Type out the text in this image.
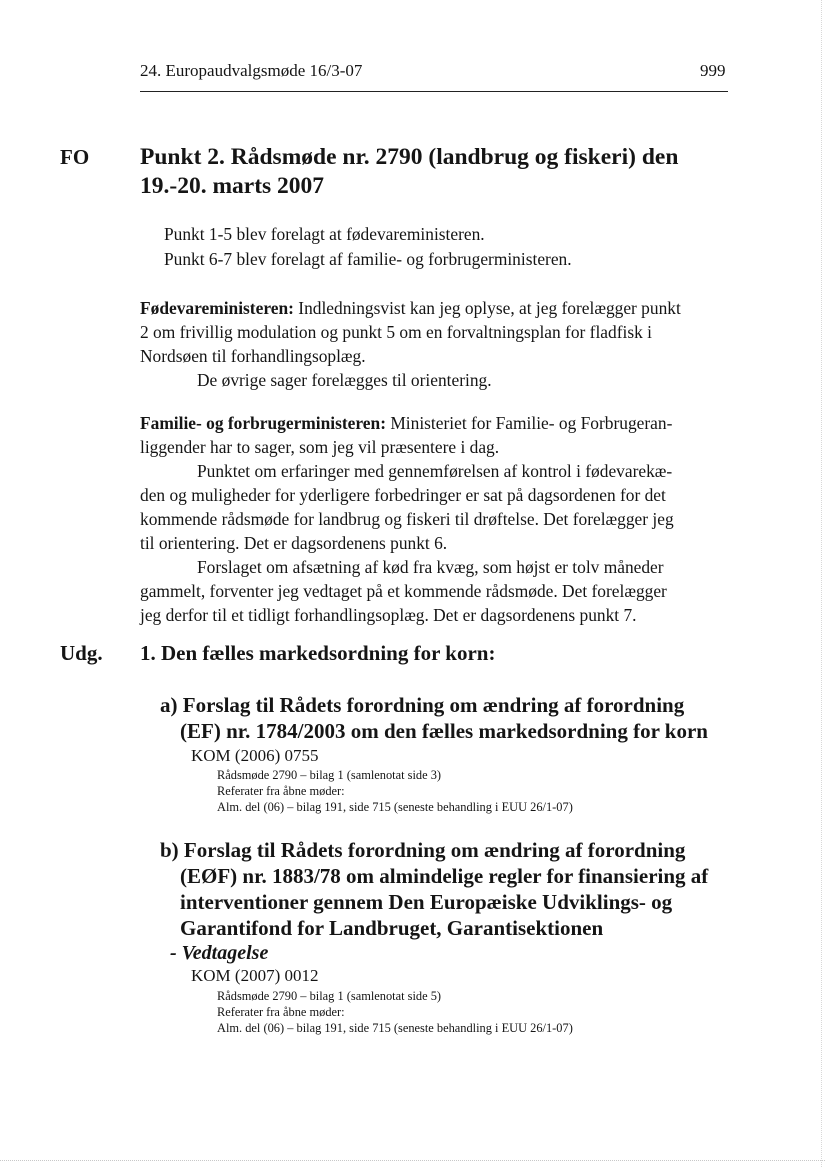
24. Europaudvalgsmøde 16/3-07	999
FO Punkt 2. Rådsmøde nr. 2790 (landbrug og fiskeri) den
19.-20. marts 2007
Punkt 1-5 blev forelagt at fødevareministeren.
Punkt 6-7 blev forelagt af familie- og forbrugerministeren.
Fødevareministeren: Indledningsvist kan jeg oplyse, at jeg forelægger punkt
2 om frivillig modulation og punkt 5 om en forvaltningsplan for fladfisk i
Nordsøen til forhandlingsoplæg.
De øvrige sager forelægges til orientering.
Familie- og forbrugerministeren: Ministeriet for Familie- og Forbrugeran-
liggender har to sager, som jeg vil præsentere i dag.
Punktet om erfaringer med gennemførelsen af kontrol i fødevarekæ-
den og muligheder for yderligere forbedringer er sat på dagsordenen for det
kommende rådsmøde for landbrug og fiskeri til drøftelse. Det forelægger jeg
til orientering. Det er dagsordenens punkt 6.
Forslaget om afsætning af kød fra kvæg, som højst er tolv måneder
gammelt, forventer jeg vedtaget på et kommende rådsmøde. Det forelægger
jeg derfor til et tidligt forhandlingsoplæg. Det er dagsordenens punkt 7.
Udg. 1. Den fælles markedsordning for korn:
a) Forslag til Rådets forordning om ændring af forordning
(EF) nr. 1784/2003 om den fælles markedsordning for korn
KOM (2006) 0755
Rådsmøde 2790 – bilag 1 (samlenotat side 3)
Referater fra åbne møder:
Alm. del (06) – bilag 191, side 715 (seneste behandling i EUU 26/1-07)
b) Forslag til Rådets forordning om ændring af forordning
(EØF) nr. 1883/78 om almindelige regler for finansiering af
interventioner gennem Den Europæiske Udviklings- og
Garantifond for Landbruget, Garantisektionen
- Vedtagelse
KOM (2007) 0012
Rådsmøde 2790 – bilag 1 (samlenotat side 5)
Referater fra åbne møder:
Alm. del (06) – bilag 191, side 715 (seneste behandling i EUU 26/1-07)
